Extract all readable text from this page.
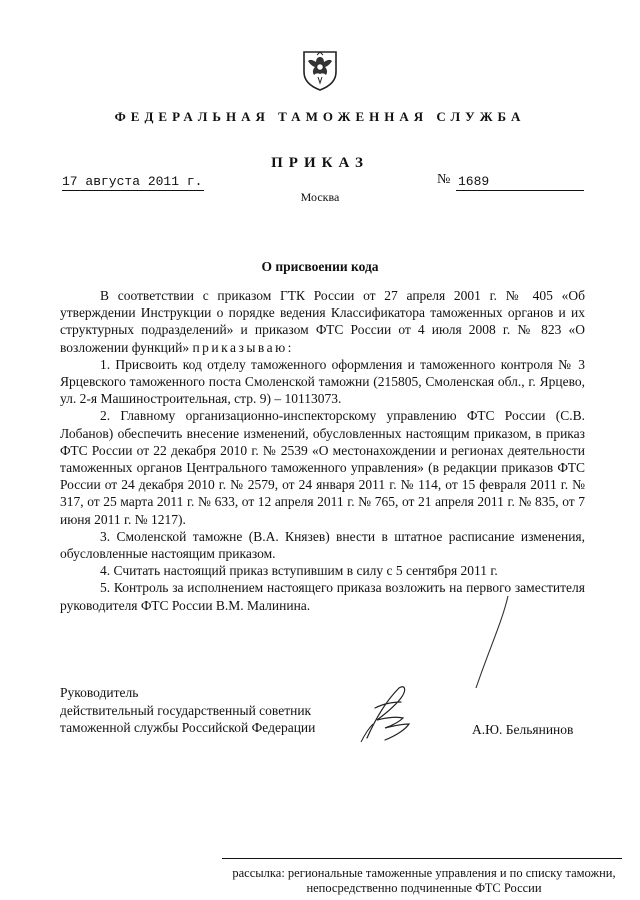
ФЕДЕРАЛЬНАЯ ТАМОЖЕННАЯ СЛУЖБА
ПРИКАЗ
17 августа 2011 г.	№ 1689
Москва
О присвоении кода

В соответствии с приказом ГТК России от 27 апреля 2001 г. № 405 «Об утверждении Инструкции о порядке ведения Классификатора таможенных органов и их структурных подразделений» и приказом ФТС России от 4 июля 2008 г. № 823 «О возложении функций» приказываю:

1. Присвоить код отделу таможенного оформления и таможенного контроля № 3 Ярцевского таможенного поста Смоленской таможни (215805, Смоленская обл., г. Ярцево, ул. 2-я Машиностроительная, стр. 9) – 10113073.

2. Главному организационно-инспекторскому управлению ФТС России (С.В. Лобанов) обеспечить внесение изменений, обусловленных настоящим приказом, в приказ ФТС России от 22 декабря 2010 г. № 2539 «О местонахождении и регионах деятельности таможенных органов Центрального таможенного управления» (в редакции приказов ФТС России от 24 декабря 2010 г. № 2579, от 24 января 2011 г. № 114, от 15 февраля 2011 г. № 317, от 25 марта 2011 г. № 633, от 12 апреля 2011 г. № 765, от 21 апреля 2011 г. № 835, от 7 июня 2011 г. № 1217).

3. Смоленской таможне (В.А. Князев) внести в штатное расписание изменения, обусловленные настоящим приказом.

4. Считать настоящий приказ вступившим в силу с 5 сентября 2011 г.

5. Контроль за исполнением настоящего приказа возложить на первого заместителя руководителя ФТС России В.М. Малинина.

Руководитель
действительный государственный советник
таможенной службы Российской Федерации	А.Ю. Бельянинов
рассылка: региональные таможенные управления и по списку таможни,
непосредственно подчиненные ФТС России
